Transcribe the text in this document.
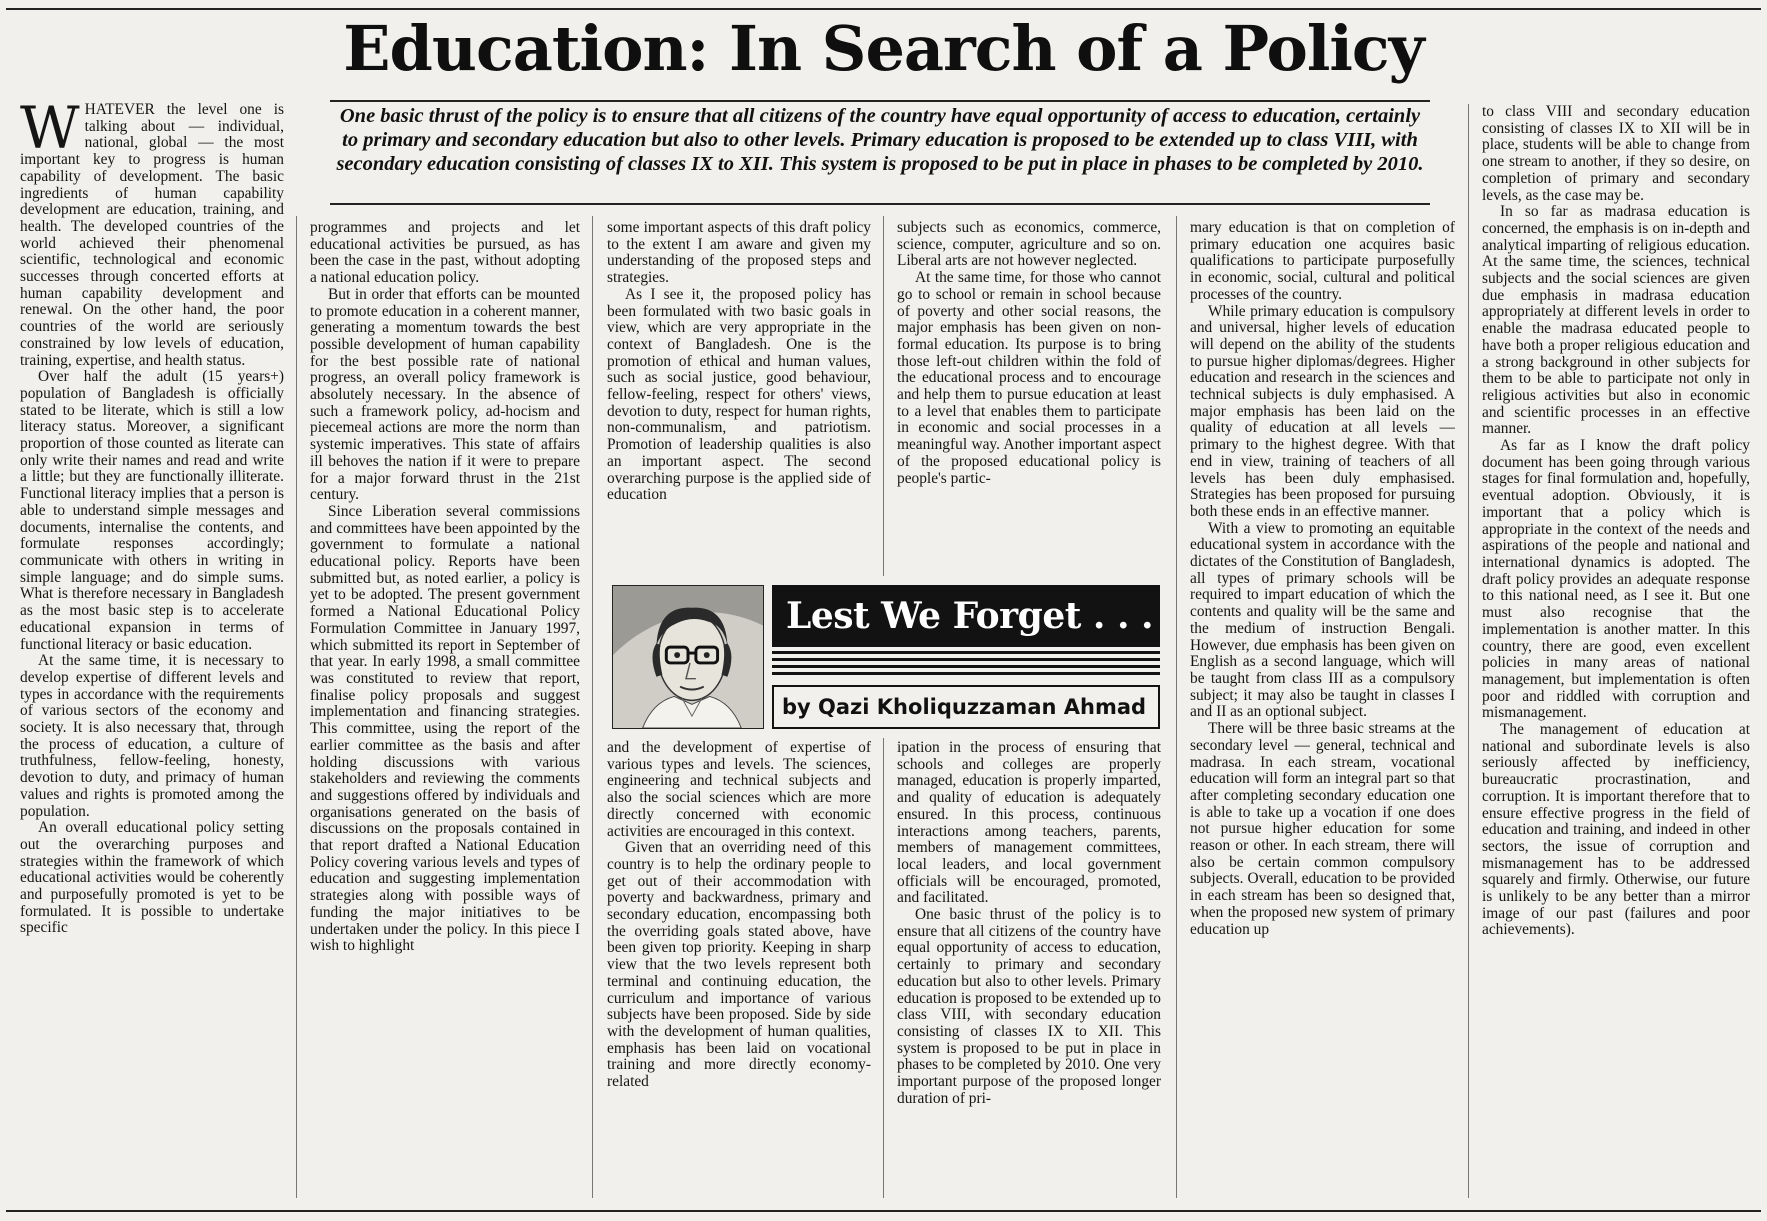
Education: In Search of a Policy

One basic thrust of the policy is to ensure that all citizens of the country have equal opportunity of access to education, certainly to primary and secondary education but also to other levels. Primary education is proposed to be extended up to class VIII, with secondary education consisting of classes IX to XII. This system is proposed to be put in place in phases to be completed by 2010.

WHATEVER the level one is talking about — individual, national, global — the most important key to progress is human capability of development. The basic ingredients of human capability development are education, training, and health. The developed countries of the world achieved their phenomenal scientific, technological and economic successes through concerted efforts at human capability development and renewal. On the other hand, the poor countries of the world are seriously constrained by low levels of education, training, expertise, and health status.

Over half the adult (15 years+) population of Bangladesh is officially stated to be literate, which is still a low literacy status. Moreover, a significant proportion of those counted as literate can only write their names and read and write a little; but they are functionally illiterate. Functional literacy implies that a person is able to understand simple messages and documents, internalise the contents, and formulate responses accordingly; communicate with others in writing in simple language; and do simple sums. What is therefore necessary in Bangladesh as the most basic step is to accelerate educational expansion in terms of functional literacy or basic education.

At the same time, it is necessary to develop expertise of different levels and types in accordance with the requirements of various sectors of the economy and society. It is also necessary that, through the process of education, a culture of truthfulness, fellow-feeling, honesty, devotion to duty, and primacy of human values and rights is promoted among the population.

An overall educational policy setting out the overarching purposes and strategies within the framework of which educational activities would be coherently and purposefully promoted is yet to be formulated. It is possible to undertake specific

programmes and projects and let educational activities be pursued, as has been the case in the past, without adopting a national education policy.

But in order that efforts can be mounted to promote education in a coherent manner, generating a momentum towards the best possible development of human capability for the best possible rate of national progress, an overall policy framework is absolutely necessary. In the absence of such a framework policy, ad-hocism and piecemeal actions are more the norm than systemic imperatives. This state of affairs ill behoves the nation if it were to prepare for a major forward thrust in the 21st century.

Since Liberation several commissions and committees have been appointed by the government to formulate a national educational policy. Reports have been submitted but, as noted earlier, a policy is yet to be adopted. The present government formed a National Educational Policy Formulation Committee in January 1997, which submitted its report in September of that year. In early 1998, a small committee was constituted to review that report, finalise policy proposals and suggest implementation and financing strategies. This committee, using the report of the earlier committee as the basis and after holding discussions with various stakeholders and reviewing the comments and suggestions offered by individuals and organisations generated on the basis of discussions on the proposals contained in that report drafted a National Education Policy covering various levels and types of education and suggesting implementation strategies along with possible ways of funding the major initiatives to be undertaken under the policy. In this piece I wish to highlight

some important aspects of this draft policy to the extent I am aware and given my understanding of the proposed steps and strategies.

As I see it, the proposed policy has been formulated with two basic goals in view, which are very appropriate in the context of Bangladesh. One is the promotion of ethical and human values, such as social justice, good behaviour, fellow-feeling, respect for others' views, devotion to duty, respect for human rights, non-communalism, and patriotism. Promotion of leadership qualities is also an important aspect. The second overarching purpose is the applied side of education

subjects such as economics, commerce, science, computer, agriculture and so on. Liberal arts are not however neglected.

At the same time, for those who cannot go to school or remain in school because of poverty and other social reasons, the major emphasis has been given on non-formal education. Its purpose is to bring those left-out children within the fold of the educational process and to encourage and help them to pursue education at least to a level that enables them to participate in economic and social processes in a meaningful way. Another important aspect of the proposed educational policy is people's partic-

Lest We Forget . . .
by Qazi Kholiquzzaman Ahmad

and the development of expertise of various types and levels. The sciences, engineering and technical subjects and also the social sciences which are more directly concerned with economic activities are encouraged in this context.

Given that an overriding need of this country is to help the ordinary people to get out of their accommodation with poverty and backwardness, primary and secondary education, encompassing both the overriding goals stated above, have been given top priority. Keeping in sharp view that the two levels represent both terminal and continuing education, the curriculum and importance of various subjects have been proposed. Side by side with the development of human qualities, emphasis has been laid on vocational training and more directly economy-related

ipation in the process of ensuring that schools and colleges are properly managed, education is properly imparted, and quality of education is adequately ensured. In this process, continuous interactions among teachers, parents, members of management committees, local leaders, and local government officials will be encouraged, promoted, and facilitated.

One basic thrust of the policy is to ensure that all citizens of the country have equal opportunity of access to education, certainly to primary and secondary education but also to other levels. Primary education is proposed to be extended up to class VIII, with secondary education consisting of classes IX to XII. This system is proposed to be put in place in phases to be completed by 2010. One very important purpose of the proposed longer duration of pri-

mary education is that on completion of primary education one acquires basic qualifications to participate purposefully in economic, social, cultural and political processes of the country.

While primary education is compulsory and universal, higher levels of education will depend on the ability of the students to pursue higher diplomas/degrees. Higher education and research in the sciences and technical subjects is duly emphasised. A major emphasis has been laid on the quality of education at all levels — primary to the highest degree. With that end in view, training of teachers of all levels has been duly emphasised. Strategies has been proposed for pursuing both these ends in an effective manner.

With a view to promoting an equitable educational system in accordance with the dictates of the Constitution of Bangladesh, all types of primary schools will be required to impart education of which the contents and quality will be the same and the medium of instruction Bengali. However, due emphasis has been given on English as a second language, which will be taught from class III as a compulsory subject; it may also be taught in classes I and II as an optional subject.

There will be three basic streams at the secondary level — general, technical and madrasa. In each stream, vocational education will form an integral part so that after completing secondary education one is able to take up a vocation if one does not pursue higher education for some reason or other. In each stream, there will also be certain common compulsory subjects. Overall, education to be provided in each stream has been so designed that, when the proposed new system of primary education up

to class VIII and secondary education consisting of classes IX to XII will be in place, students will be able to change from one stream to another, if they so desire, on completion of primary and secondary levels, as the case may be.

In so far as madrasa education is concerned, the emphasis is on in-depth and analytical imparting of religious education. At the same time, the sciences, technical subjects and the social sciences are given due emphasis in madrasa education appropriately at different levels in order to enable the madrasa educated people to have both a proper religious education and a strong background in other subjects for them to be able to participate not only in religious activities but also in economic and scientific processes in an effective manner.

As far as I know the draft policy document has been going through various stages for final formulation and, hopefully, eventual adoption. Obviously, it is important that a policy which is appropriate in the context of the needs and aspirations of the people and national and international dynamics is adopted. The draft policy provides an adequate response to this national need, as I see it. But one must also recognise that the implementation is another matter. In this country, there are good, even excellent policies in many areas of national management, but implementation is often poor and riddled with corruption and mismanagement.

The management of education at national and subordinate levels is also seriously affected by inefficiency, bureaucratic procrastination, and corruption. It is important therefore that to ensure effective progress in the field of education and training, and indeed in other sectors, the issue of corruption and mismanagement has to be addressed squarely and firmly. Otherwise, our future is unlikely to be any better than a mirror image of our past (failures and poor achievements).
